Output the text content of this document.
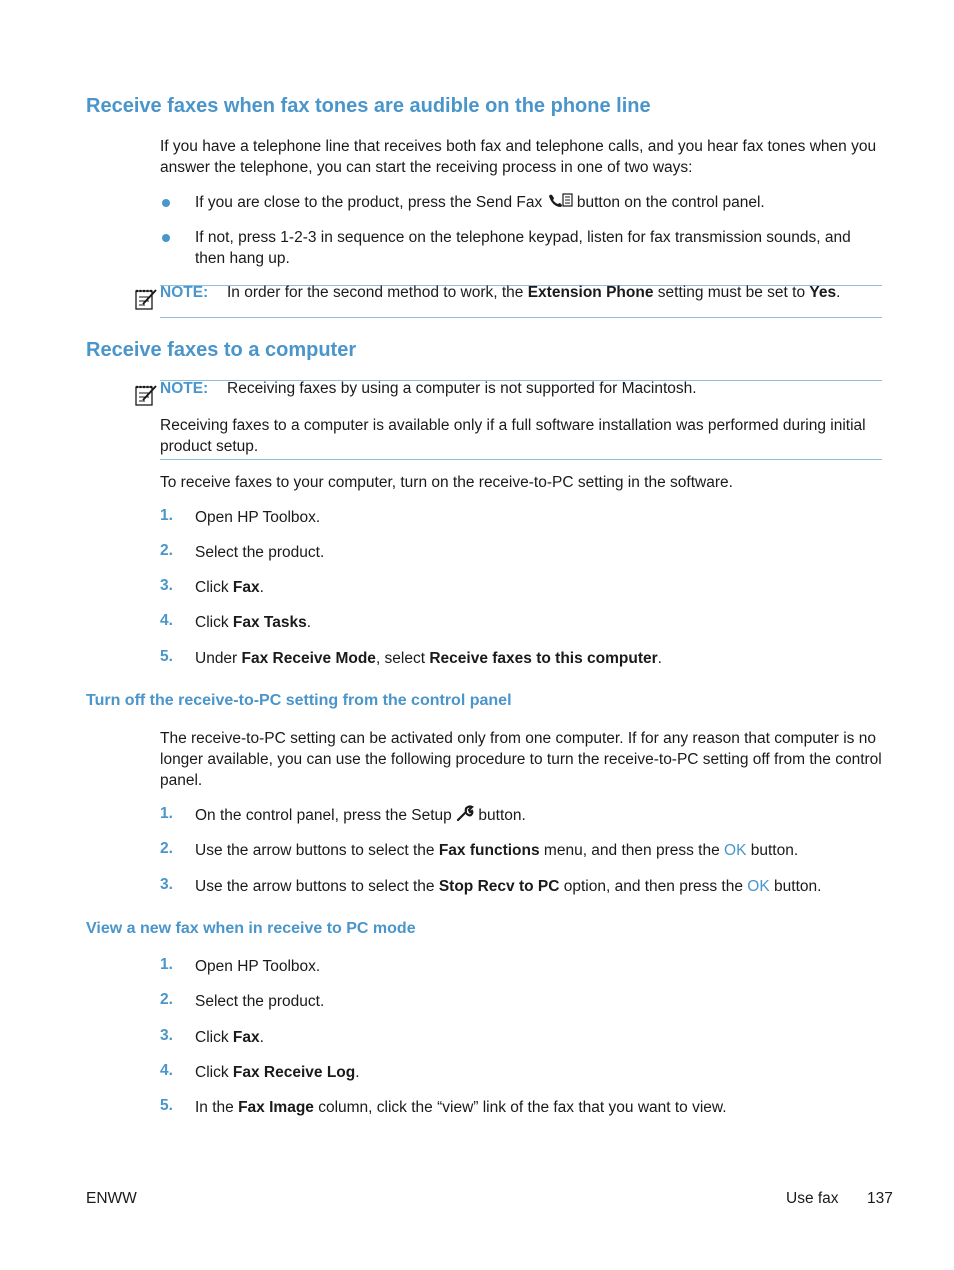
Receive faxes when fax tones are audible on the phone line
If you have a telephone line that receives both fax and telephone calls, and you hear fax tones when you answer the telephone, you can start the receiving process in one of two ways:
If you are close to the product, press the Send Fax button on the control panel.
If not, press 1-2-3 in sequence on the telephone keypad, listen for fax transmission sounds, and then hang up.
NOTE: In order for the second method to work, the Extension Phone setting must be set to Yes.
Receive faxes to a computer
NOTE: Receiving faxes by using a computer is not supported for Macintosh.
Receiving faxes to a computer is available only if a full software installation was performed during initial product setup.
To receive faxes to your computer, turn on the receive-to-PC setting in the software.
1. Open HP Toolbox.
2. Select the product.
3. Click Fax.
4. Click Fax Tasks.
5. Under Fax Receive Mode, select Receive faxes to this computer.
Turn off the receive-to-PC setting from the control panel
The receive-to-PC setting can be activated only from one computer. If for any reason that computer is no longer available, you can use the following procedure to turn the receive-to-PC setting off from the control panel.
1. On the control panel, press the Setup button.
2. Use the arrow buttons to select the Fax functions menu, and then press the OK button.
3. Use the arrow buttons to select the Stop Recv to PC option, and then press the OK button.
View a new fax when in receive to PC mode
1. Open HP Toolbox.
2. Select the product.
3. Click Fax.
4. Click Fax Receive Log.
5. In the Fax Image column, click the “view” link of the fax that you want to view.
ENWW	Use fax 137
